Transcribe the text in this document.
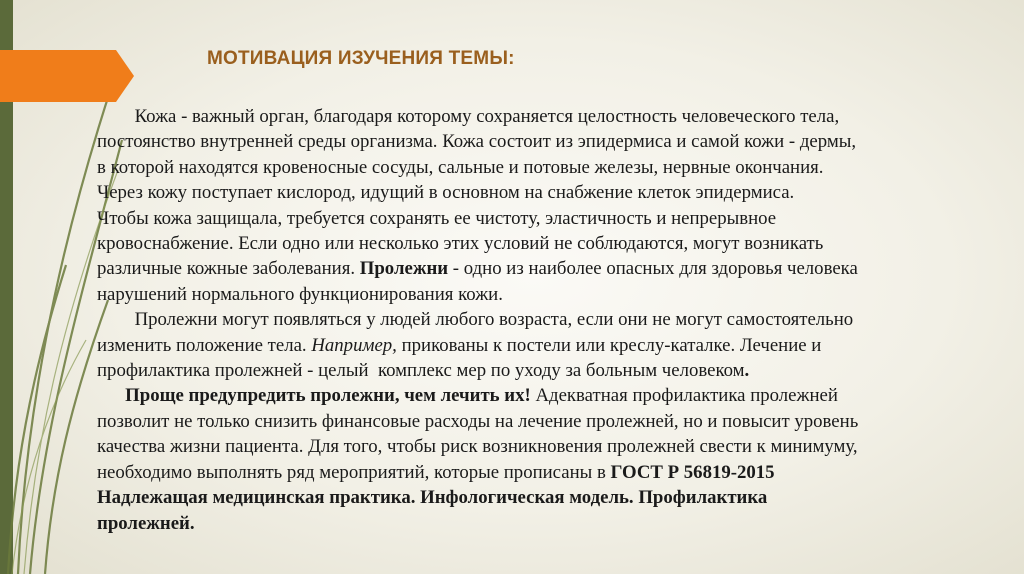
МОТИВАЦИЯ ИЗУЧЕНИЯ ТЕМЫ:

Кожа - важный орган, благодаря которому сохраняется целостность человеческого тела,

постоянство внутренней среды организма. Кожа состоит из эпидермиса и самой кожи - дермы,

в которой находятся кровеносные сосуды, сальные и потовые железы, нервные окончания.

Через кожу поступает кислород, идущий в основном на снабжение клеток эпидермиса.

Чтобы кожа защищала, требуется сохранять ее чистоту, эластичность и непрерывное

кровоснабжение. Если одно или несколько этих условий не соблюдаются, могут возникать

различные кожные заболевания. Пролежни - одно из наиболее опасных для здоровья человека

нарушений нормального функционирования кожи.

Пролежни могут появляться у людей любого возраста, если они не могут самостоятельно

изменить положение тела. Например, прикованы к постели или креслу-каталке. Лечение и

профилактика пролежней - целый  комплекс мер по уходу за больным человеком.

Проще предупредить пролежни, чем лечить их! Адекватная профилактика пролежней

позволит не только снизить финансовые расходы на лечение пролежней, но и повысит уровень

качества жизни пациента. Для того, чтобы риск возникновения пролежней свести к минимуму,

необходимо выполнять ряд мероприятий, которые прописаны в ГОСТ Р 56819-2015

Надлежащая медицинская практика. Инфологическая модель. Профилактика

пролежней.
